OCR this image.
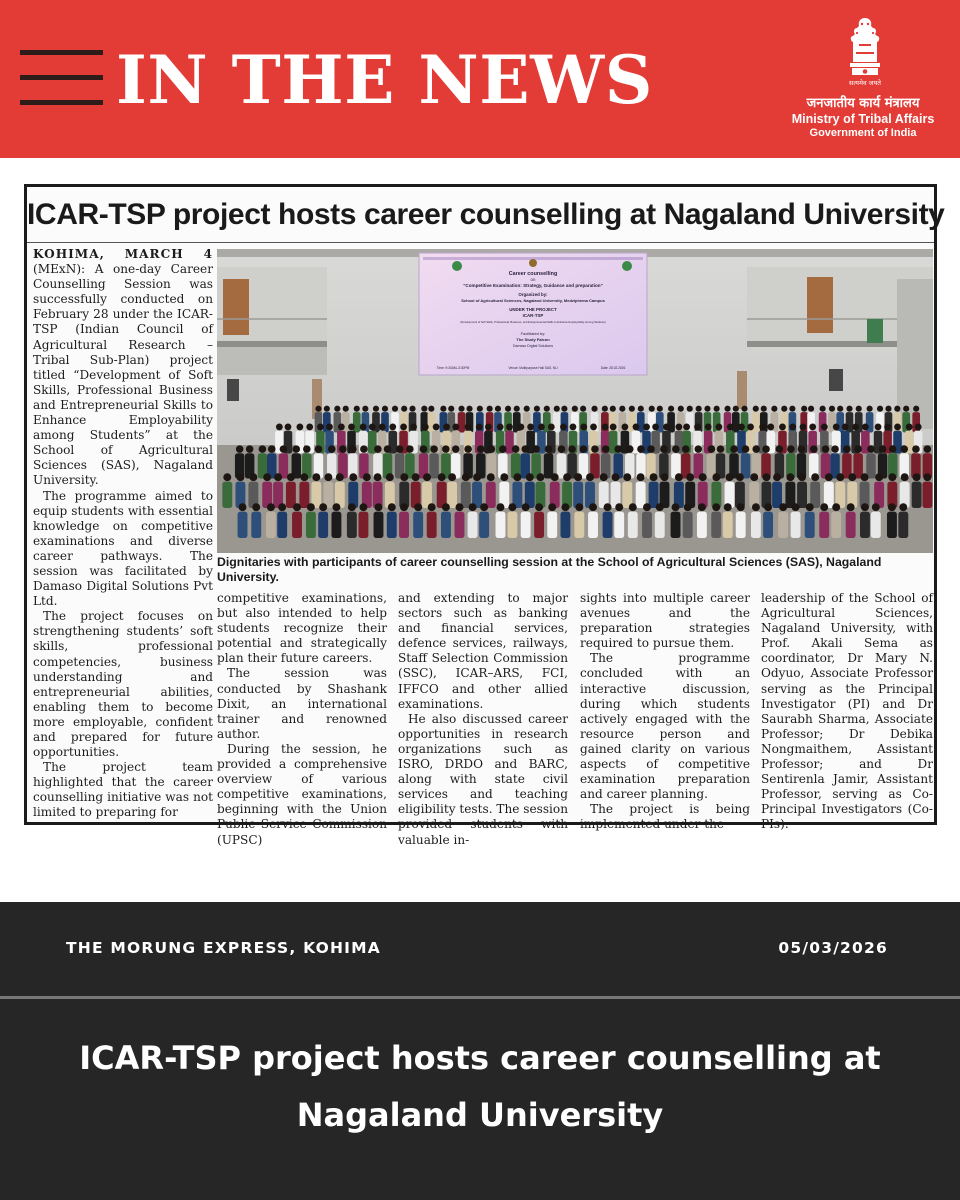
IN THE NEWS	सत्यमेव जयते
जनजातीय कार्य मंत्रालय
Ministry of Tribal Affairs
Government of India
ICAR-TSP project hosts career counselling at Nagaland University

KOHIMA, MARCH 4 (MExN): A one-day Career Counselling Session was successfully conducted on February 28 under the ICAR-TSP (Indian Council of Agricultural Research – Tribal Sub-Plan) project titled “Development of Soft Skills, Professional Business and Entrepreneurial Skills to Enhance Employability among Students” at the School of Agricultural Sciences (SAS), Nagaland University.

The programme aimed to equip students with essential knowledge on competitive examinations and diverse career pathways. The session was facilitated by Damaso Digital Solutions Pvt Ltd.

The project focuses on strengthening students’ soft skills, professional competencies, business understanding and entrepreneurial abilities, enabling them to become more employable, confident and prepared for future opportunities.

The project team highlighted that the career counselling initiative was not limited to preparing for

Career counselling
on
"Competitive Examination: Strategy, Guidance and preparation"
Organized by:
School of Agricultural Sciences, Nagaland University, Medziphema Campus
UNDER THE PROJECT
ICAR-TSP
(Development of Soft Skills, Professional, Business, and Entrepreneurial Skills to Enhance Employability among Students)
Facilitated by:
The Study Falcon
Damaso Digital Solutions
Time: 9:30AM–3:30PM	Venue: Multipurpose Hall SAS, NU	Date: 28.02.2026
Dignitaries with participants of career counselling session at the School of Agricultural Sciences (SAS), Nagaland University.

competitive examinations, but also intended to help students recognize their potential and strategically plan their future careers.

The session was conducted by Shashank Dixit, an international trainer and renowned author.

During the session, he provided a comprehensive overview of various competitive examinations, beginning with the Union Public Service Commission (UPSC)

and extending to major sectors such as banking and financial services, defence services, railways, Staff Selection Commission (SSC), ICAR–ARS, FCI, IFFCO and other allied examinations.

He also discussed career opportunities in research organizations such as ISRO, DRDO and BARC, along with state civil services and teaching eligibility tests. The session provided students with valuable in-

sights into multiple career avenues and the preparation strategies required to pursue them.

The programme concluded with an interactive discussion, during which students actively engaged with the resource person and gained clarity on various aspects of competitive examination preparation and career planning.

The project is being implemented under the

leadership of the School of Agricultural Sciences, Nagaland University, with Prof. Akali Sema as coordinator, Dr Mary N. Odyuo, Associate Professor serving as the Principal Investigator (PI) and Dr Saurabh Sharma, Associate Professor; Dr Debika Nongmaithem, Assistant Professor; and Dr Sentirenla Jamir, Assistant Professor, serving as Co-Principal Investigators (Co-PIs).

THE MORUNG EXPRESS, KOHIMA	05/03/2026
ICAR-TSP project hosts career counselling at Nagaland University
